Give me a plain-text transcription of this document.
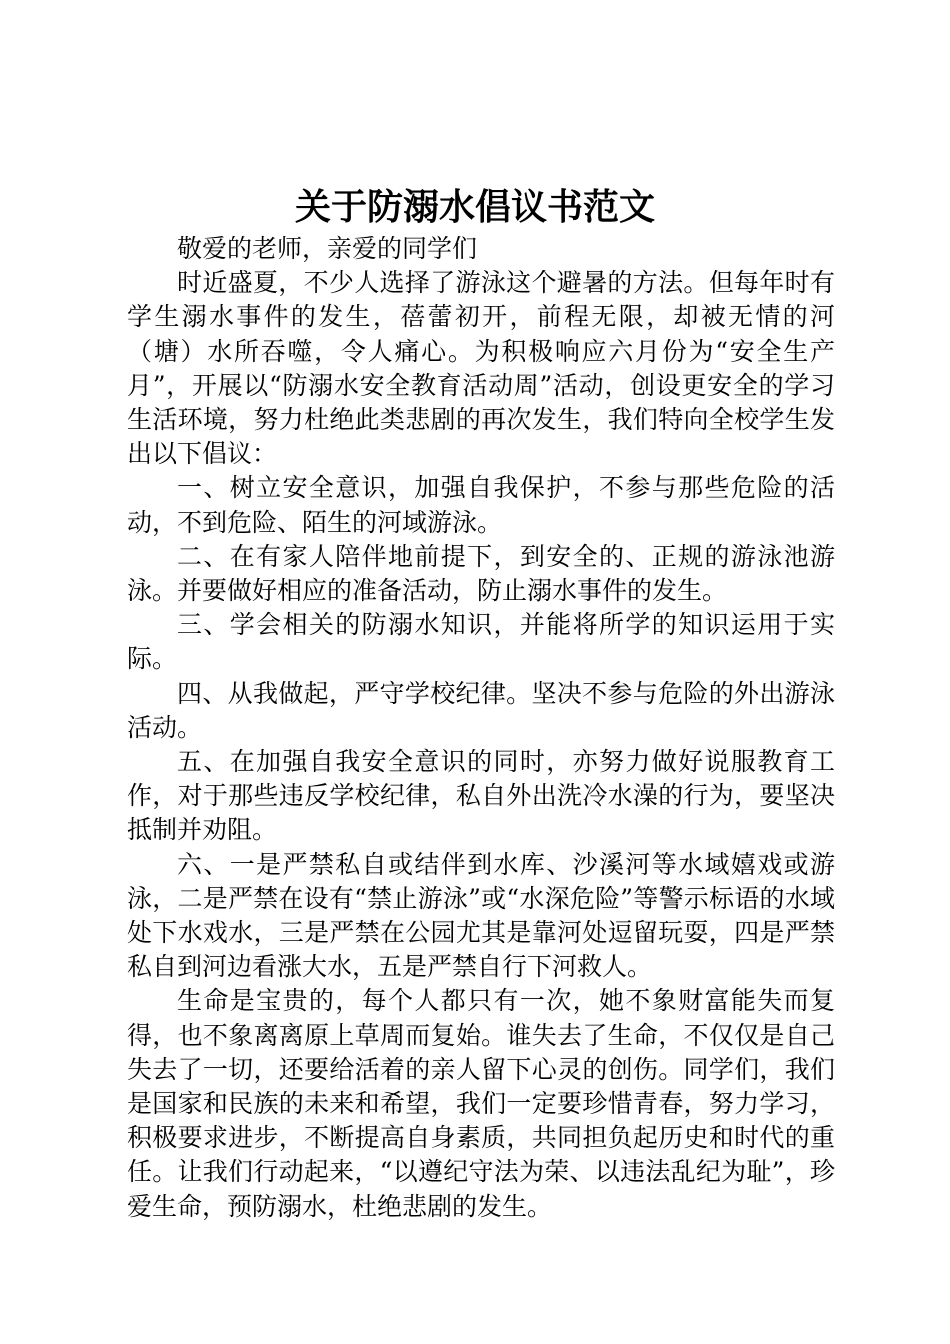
关于防溺水倡议书范文

敬爱的老师，亲爱的同学们

时近盛夏，不少人选择了游泳这个避暑的方法。但每年时有学生溺水事件的发生，蓓蕾初开，前程无限，却被无情的河（塘）水所吞噬，令人痛心。为积极响应六月份为“安全生产月”，开展以“防溺水安全教育活动周”活动，创设更安全的学习生活环境，努力杜绝此类悲剧的再次发生，我们特向全校学生发出以下倡议：

一、树立安全意识，加强自我保护，不参与那些危险的活动，不到危险、陌生的河域游泳。

二、在有家人陪伴地前提下，到安全的、正规的游泳池游泳。并要做好相应的准备活动，防止溺水事件的发生。

三、学会相关的防溺水知识，并能将所学的知识运用于实际。

四、从我做起，严守学校纪律。坚决不参与危险的外出游泳活动。

五、在加强自我安全意识的同时，亦努力做好说服教育工作，对于那些违反学校纪律，私自外出洗冷水澡的行为，要坚决抵制并劝阻。

六、一是严禁私自或结伴到水库、沙溪河等水域嬉戏或游泳，二是严禁在设有“禁止游泳”或“水深危险”等警示标语的水域处下水戏水，三是严禁在公园尤其是靠河处逗留玩耍，四是严禁私自到河边看涨大水，五是严禁自行下河救人。

生命是宝贵的，每个人都只有一次，她不象财富能失而复得，也不象离离原上草周而复始。谁失去了生命，不仅仅是自己失去了一切，还要给活着的亲人留下心灵的创伤。同学们，我们是国家和民族的未来和希望，我们一定要珍惜青春，努力学习，积极要求进步，不断提高自身素质，共同担负起历史和时代的重任。让我们行动起来，“以遵纪守法为荣、以违法乱纪为耻”，珍爱生命，预防溺水，杜绝悲剧的发生。
